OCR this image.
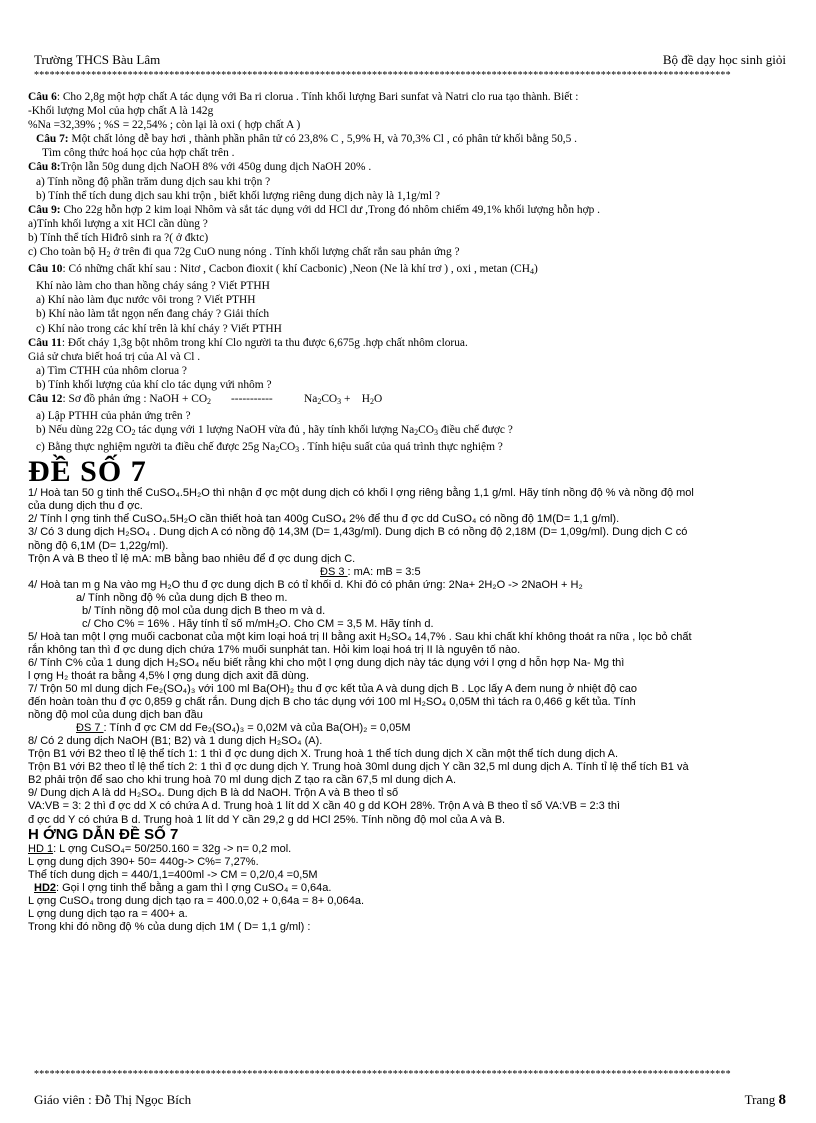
Trường THCS Bàu Lâm	Bộ đề dạy học sinh giỏi
**************************************************************************************************************************************

Câu 6: Cho 2,8g một hợp chất A tác dụng với Ba ri clorua . Tính khối lượng Bari sunfat và Natri clo rua tạo thành. Biết :

-Khối lượng Mol của hợp chất A là 142g

%Na =32,39% ; %S = 22,54% ; còn lại là oxi ( hợp chất A )

Câu 7: Một chất lỏng dễ bay hơi , thành phần phân tử có 23,8% C , 5,9% H, và 70,3% Cl , có phân tử khối bằng 50,5 .

Tìm công thức hoá học của hợp chất trên .

Câu 8:Trộn lẫn 50g dung dịch NaOH 8% với 450g dung dịch NaOH 20% .

a) Tính nồng độ phần trăm dung dịch sau khi trộn ?

b) Tính thể tích dung dịch sau khi trộn , biết khối lượng riêng dung dịch này là 1,1g/ml ?

Câu 9: Cho 22g hỗn hợp 2 kim loại Nhôm và sắt tác dụng với dd HCl dư ,Trong đó nhôm chiếm 49,1% khối lượng hỗn hợp .

a)Tính khối lượng a xit HCl cần dùng ?

b) Tính thể tích Hiđrô sinh ra ?( ở đktc)

c) Cho toàn bộ $H_2$ ở trên đi qua 72g CuO nung nóng . Tính khối lượng chất rắn sau phản ứng ?

Câu 10: Có những chất khí sau : Nitơ , Cacbon đioxit ( khí Cacbonic) ,Neon (Ne là khí trơ ) , oxi , metan $(CH_4)$

Khí nào làm cho than hồng cháy sáng ? Viết PTHH

a) Khí nào làm đục nước vôi trong ? Viết PTHH

b) Khí nào làm tắt ngọn nến đang cháy ? Giải thích

c) Khí nào trong các khí trên là khí cháy ? Viết PTHH

Câu 11: Đốt cháy 1,3g bột nhôm trong khí Clo người ta thu được 6,675g .hợp chất nhôm clorua.

Giả sử chưa biết hoá trị của Al và Cl .

a) Tìm CTHH của nhôm clorua ?

b) Tính khối lượng của khí clo tác dụng vứi nhôm ?

Câu 12: Sơ đồ phản ứng : NaOH + $CO_2$       -----------           $Na_2CO_3$ +    $H_2O$

a) Lập PTHH của phản ứng trên ?

b) Nếu dùng 22g $CO_2$ tác dụng với 1 lượng NaOH vừa đủ , hãy tính khối lượng $Na_2CO_3$ điều chế được ?

c) Bằng thực nghiệm người ta điều chế được 25g $Na_2CO_3$ . Tính hiệu suất của quá trình thực nghiệm ?

ĐỀ SỐ 7

1/ Hoà tan 50 g tinh thể CuSO₄.5H₂O thì nhận đ ợc một dung dịch có khối l ợng riêng bằng 1,1 g/ml. Hãy tính nồng độ % và nồng độ mol

của dung dịch thu đ ợc.

2/ Tính l ợng tinh thể CuSO₄.5H₂O cần thiết hoà tan 400g CuSO₄ 2% để thu đ ợc dd CuSO₄ có nồng độ 1M(D= 1,1 g/ml).

3/ Có 3 dung dịch H₂SO₄ . Dung dịch A có nồng độ 14,3M (D= 1,43g/ml). Dung dịch B có nồng độ 2,18M (D= 1,09g/ml). Dung dịch C có

nồng độ 6,1M (D= 1,22g/ml).

Trộn A và B theo tỉ lệ mA: mB bằng bao nhiêu để đ ợc dung dịch C.

ĐS 3 : mA: mB = 3:5

4/ Hoà tan m g Na vào mg H₂O thu đ ợc dung dịch B có tỉ khối d. Khi đó có phản ứng: 2Na+ 2H₂O -> 2NaOH + H₂

a/ Tính nồng độ % của dung dịch B theo m.

b/ Tính nồng độ mol của dung dịch B theo m và d.

c/ Cho C% = 16% . Hãy tính tỉ số m/mH₂O. Cho CM = 3,5 M. Hãy tính d.

5/ Hoà tan một l ợng muối cacbonat của một kim loại hoá trị II bằng axit H₂SO₄ 14,7% . Sau khi chất khí không thoát ra nữa , lọc bỏ chất

rắn không tan thì đ ợc dung dịch chứa 17% muối sunphát tan. Hỏi kim loại hoá trị II là nguyên tố nào.

6/ Tính C% của 1 dung dịch H₂SO₄ nếu biết rằng khi cho một l ợng dung dịch này tác dụng với l ợng d hỗn hợp Na- Mg thì

l ợng H₂ thoát ra bằng 4,5% l ợng dung dịch axit đã dùng.

7/ Trộn 50 ml dung dịch Fe₂(SO₄)₃ với 100 ml Ba(OH)₂ thu đ ợc kết tủa A và dung dịch B . Lọc lấy A đem nung ở nhiệt độ cao

đến hoàn toàn thu đ ợc 0,859 g chất rắn. Dung dịch B cho tác dụng với 100 ml H₂SO₄ 0,05M thì tách ra 0,466 g kết tủa. Tính

nồng độ mol của dung dịch ban đầu

ĐS 7 : Tính đ ợc CM dd Fe₂(SO₄)₃ = 0,02M và của Ba(OH)₂ = 0,05M

8/ Có 2 dung dịch NaOH (B1; B2) và 1 dung dịch H₂SO₄ (A).

Trộn B1 với B2 theo tỉ lệ thể tích 1: 1 thì đ ợc dung dịch X. Trung hoà 1 thể tích dung dịch X cần một thể tích dung dịch A.

Trộn B1 với B2 theo tỉ lệ thể tích 2: 1 thì đ ợc dung dịch Y. Trung hoà 30ml dung dịch Y cần 32,5 ml dung dịch A. Tính tỉ lệ thể tích B1 và

B2 phải trộn để sao cho khi trung hoà 70 ml dung dịch Z tạo ra cần 67,5 ml dung dịch A.

9/ Dung dịch A là dd H₂SO₄. Dung dịch B là dd NaOH. Trộn A và B theo tỉ số

VA:VB = 3: 2 thì đ ợc dd X có chứa A d. Trung hoà 1 lít dd X cần 40 g dd KOH 28%. Trộn A và B theo tỉ số VA:VB = 2:3 thì

đ ợc dd Y có chứa B d. Trung hoà 1 lít dd Y cần 29,2 g dd HCl 25%. Tính nồng độ mol của A và B.

H ỚNG DẪN ĐỀ SỐ 7

HD 1: L ợng CuSO₄= 50/250.160 = 32g -> n= 0,2 mol.

L ợng dung dịch 390+ 50= 440g-> C%= 7,27%.

Thể tích dung dịch = 440/1,1=400ml -> CM = 0,2/0,4 =0,5M

HD2: Gọi l ợng tinh thể bằng a gam thì l ợng CuSO₄ = 0,64a.

L ợng CuSO₄ trong dung dịch tạo ra = 400.0,02 + 0,64a = 8+ 0,064a.

L ợng dung dịch tạo ra = 400+ a.

Trong khi đó nồng độ % của dung dịch 1M ( D= 1,1 g/ml) :

**************************************************************************************************************************************
Giáo viên : Đỗ Thị Ngọc Bích	Trang 8
